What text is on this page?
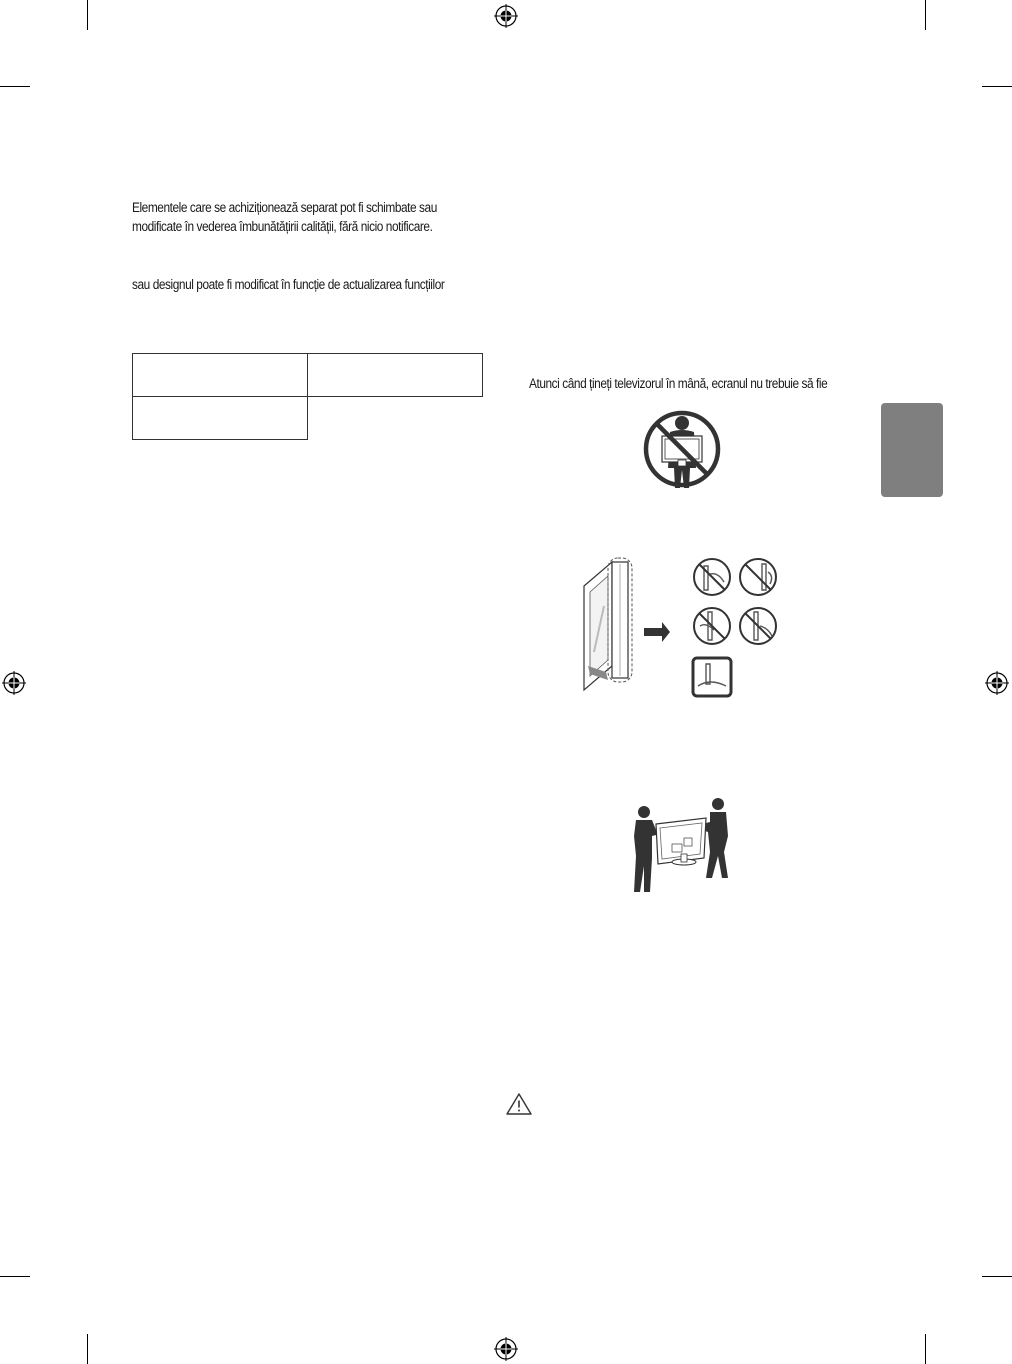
Elementele care se achiziționează separat pot fi schimbate sau
modificate în vederea îmbunătățirii calității, fără nicio notificare.
sau designul poate fi modificat în funcție de actualizarea funcțiilor

Atunci când țineți televizorul în mână, ecranul nu trebuie să fie
